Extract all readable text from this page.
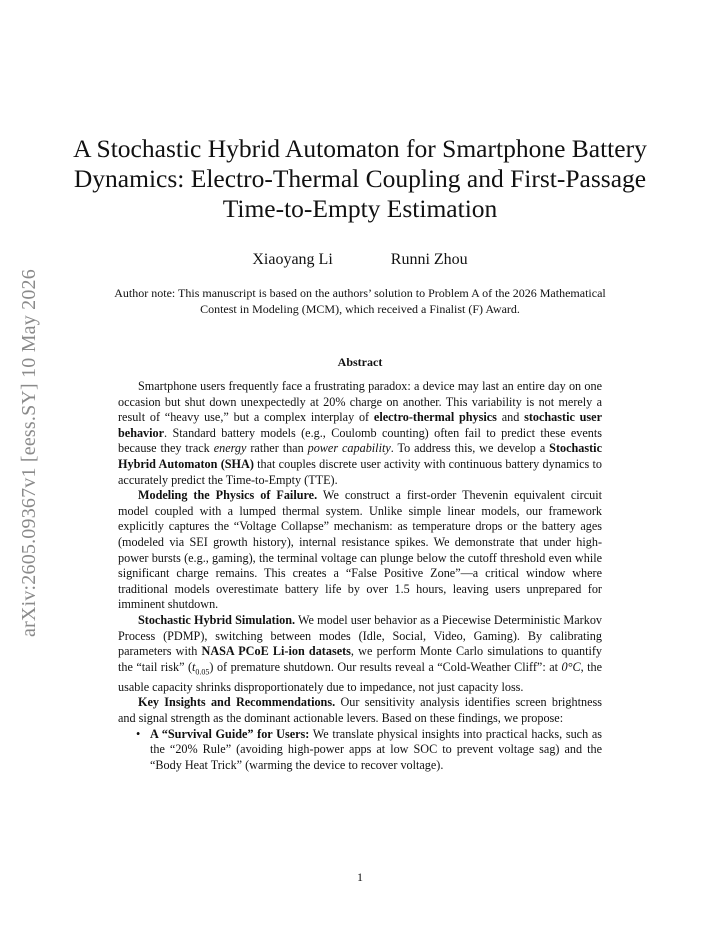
arXiv:2605.09367v1 [eess.SY] 10 May 2026
A Stochastic Hybrid Automaton for Smartphone Battery Dynamics: Electro-Thermal Coupling and First-Passage Time-to-Empty Estimation
Xiaoyang Li	Runni Zhou
Author note: This manuscript is based on the authors’ solution to Problem A of the 2026 Mathematical Contest in Modeling (MCM), which received a Finalist (F) Award.
Abstract

Smartphone users frequently face a frustrating paradox: a device may last an entire day on one occasion but shut down unexpectedly at 20% charge on another. This variability is not merely a result of “heavy use,” but a complex interplay of electro-thermal physics and stochastic user behavior. Standard battery models (e.g., Coulomb counting) often fail to predict these events because they track energy rather than power capability. To address this, we develop a Stochastic Hybrid Automaton (SHA) that couples discrete user activity with continuous battery dynamics to accurately predict the Time-to-Empty (TTE).

Modeling the Physics of Failure. We construct a first-order Thevenin equivalent circuit model coupled with a lumped thermal system. Unlike simple linear models, our framework explicitly captures the “Voltage Collapse” mechanism: as temperature drops or the battery ages (modeled via SEI growth history), internal resistance spikes. We demonstrate that under high-power bursts (e.g., gaming), the terminal voltage can plunge below the cutoff threshold even while significant charge remains. This creates a “False Positive Zone”—a critical window where traditional models overestimate battery life by over 1.5 hours, leaving users unprepared for imminent shutdown.

Stochastic Hybrid Simulation. We model user behavior as a Piecewise Deterministic Markov Process (PDMP), switching between modes (Idle, Social, Video, Gaming). By calibrating parameters with NASA PCoE Li-ion datasets, we perform Monte Carlo simulations to quantify the “tail risk” $(t_{0.05})$ of premature shutdown. Our results reveal a “Cold-Weather Cliff”: at 0°C, the usable capacity shrinks disproportionately due to impedance, not just capacity loss.

Key Insights and Recommendations. Our sensitivity analysis identifies screen brightness and signal strength as the dominant actionable levers. Based on these findings, we propose:

• A “Survival Guide” for Users: We translate physical insights into practical hacks, such as the “20% Rule” (avoiding high-power apps at low SOC to prevent voltage sag) and the “Body Heat Trick” (warming the device to recover voltage).
1
